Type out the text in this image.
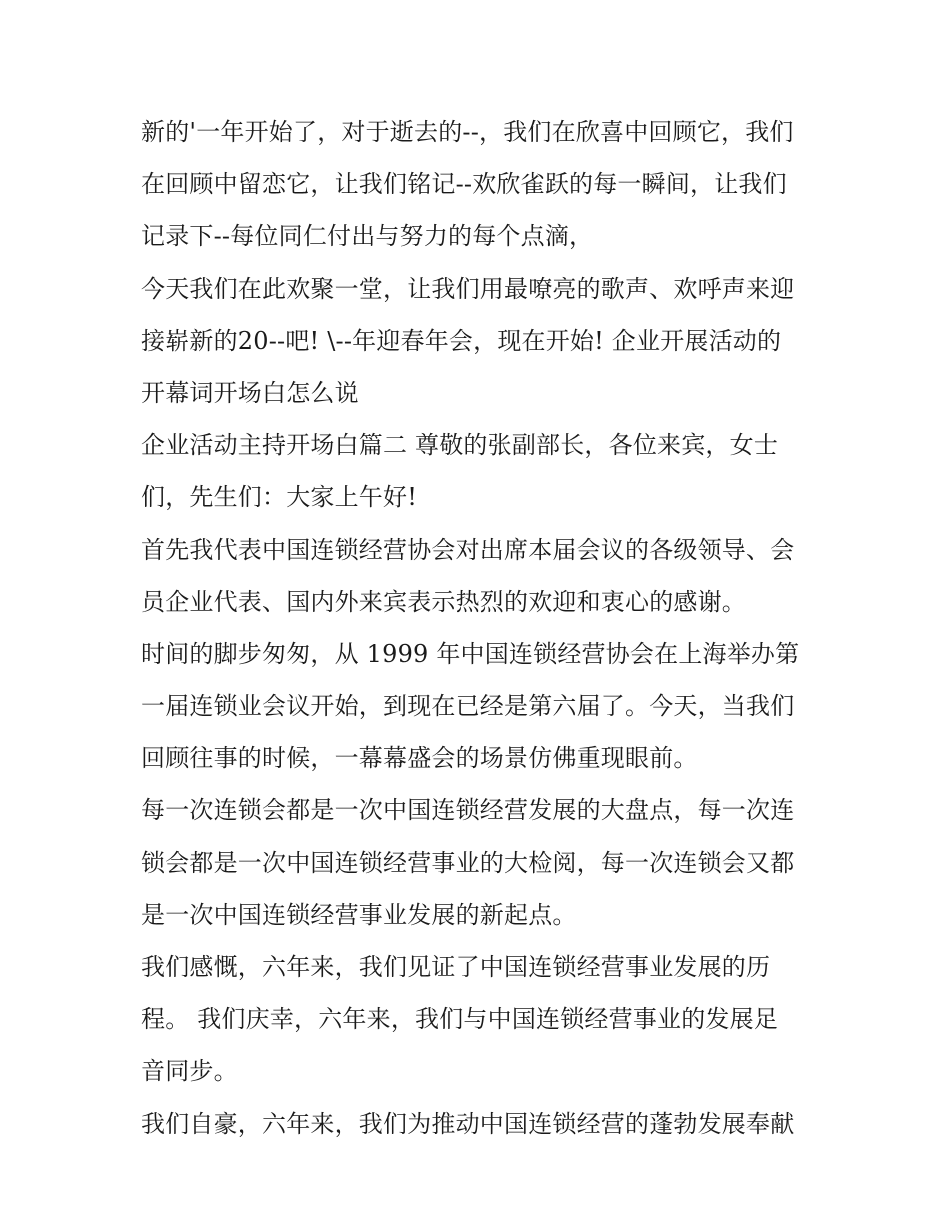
新的'一年开始了，对于逝去的--，我们在欣喜中回顾它，我们
在回顾中留恋它，让我们铭记--欢欣雀跃的每一瞬间，让我们
记录下--每位同仁付出与努力的每个点滴，
今天我们在此欢聚一堂，让我们用最嘹亮的歌声、欢呼声来迎
接崭新的20--吧! \--年迎春年会，现在开始! 企业开展活动的
开幕词开场白怎么说
企业活动主持开场白篇二 尊敬的张副部长，各位来宾，女士
们，先生们：大家上午好!
首先我代表中国连锁经营协会对出席本届会议的各级领导、会
员企业代表、国内外来宾表示热烈的欢迎和衷心的感谢。
时间的脚步匆匆，从 1999 年中国连锁经营协会在上海举办第
一届连锁业会议开始，到现在已经是第六届了。今天，当我们
回顾往事的时候，一幕幕盛会的场景仿佛重现眼前。
每一次连锁会都是一次中国连锁经营发展的大盘点，每一次连
锁会都是一次中国连锁经营事业的大检阅，每一次连锁会又都
是一次中国连锁经营事业发展的新起点。
我们感慨，六年来，我们见证了中国连锁经营事业发展的历
程。 我们庆幸，六年来，我们与中国连锁经营事业的发展足
音同步。
我们自豪，六年来，我们为推动中国连锁经营的蓬勃发展奉献
